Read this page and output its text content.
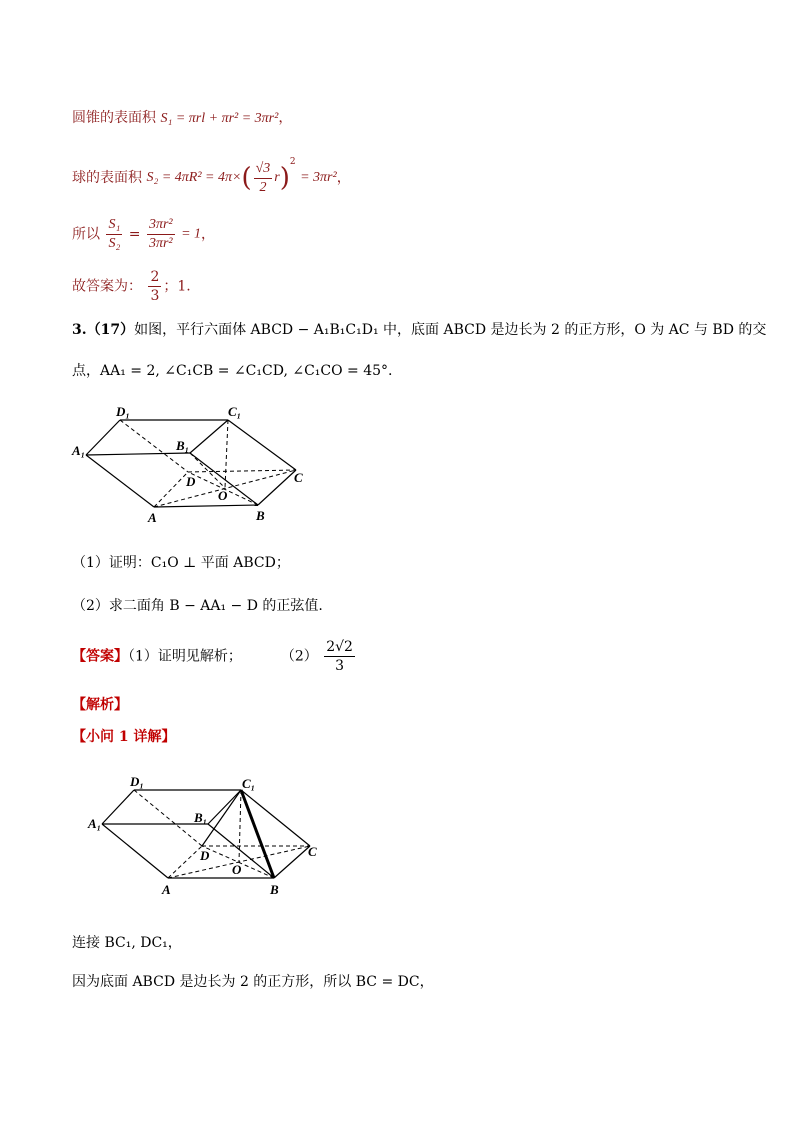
圆锥的表面积 S₁ = πrl + πr² = 3πr²，
球的表面积 $S_2 = 4\pi R^2 = 4\pi\times( \frac{√3}{2} r)^2 = 3\pi r^2$，
所以 $\frac{\text{S₁}}{\text{S₂}} = \frac{\text{3πr²}}{\text{3πr²}} = 1$，
故答案为： $\frac{2}{3}$ ；1.
3.（17）如图，平行六面体 ABCD − A₁B₁C₁D₁ 中，底面 ABCD 是边长为 2 的正方形，O 为 AC 与 BD 的交
点，AA₁ = 2, ∠C₁CB = ∠C₁CD, ∠C₁CO = 45°.
D₁	C₁
A₁	B₁
D
O
C
A	B
（1）证明：C₁O ⊥ 平面 ABCD；
（2）求二面角 B − AA₁ − D 的正弦值.
【答案】（1）证明见解析；	$(2) \frac{2√2}{3}$
【解析】
【小问 1 详解】
D₁	C₁
A₁	B₁
D
O
C
A	B
连接 BC₁, DC₁，
因为底面 ABCD 是边长为 2 的正方形，所以 BC = DC，
